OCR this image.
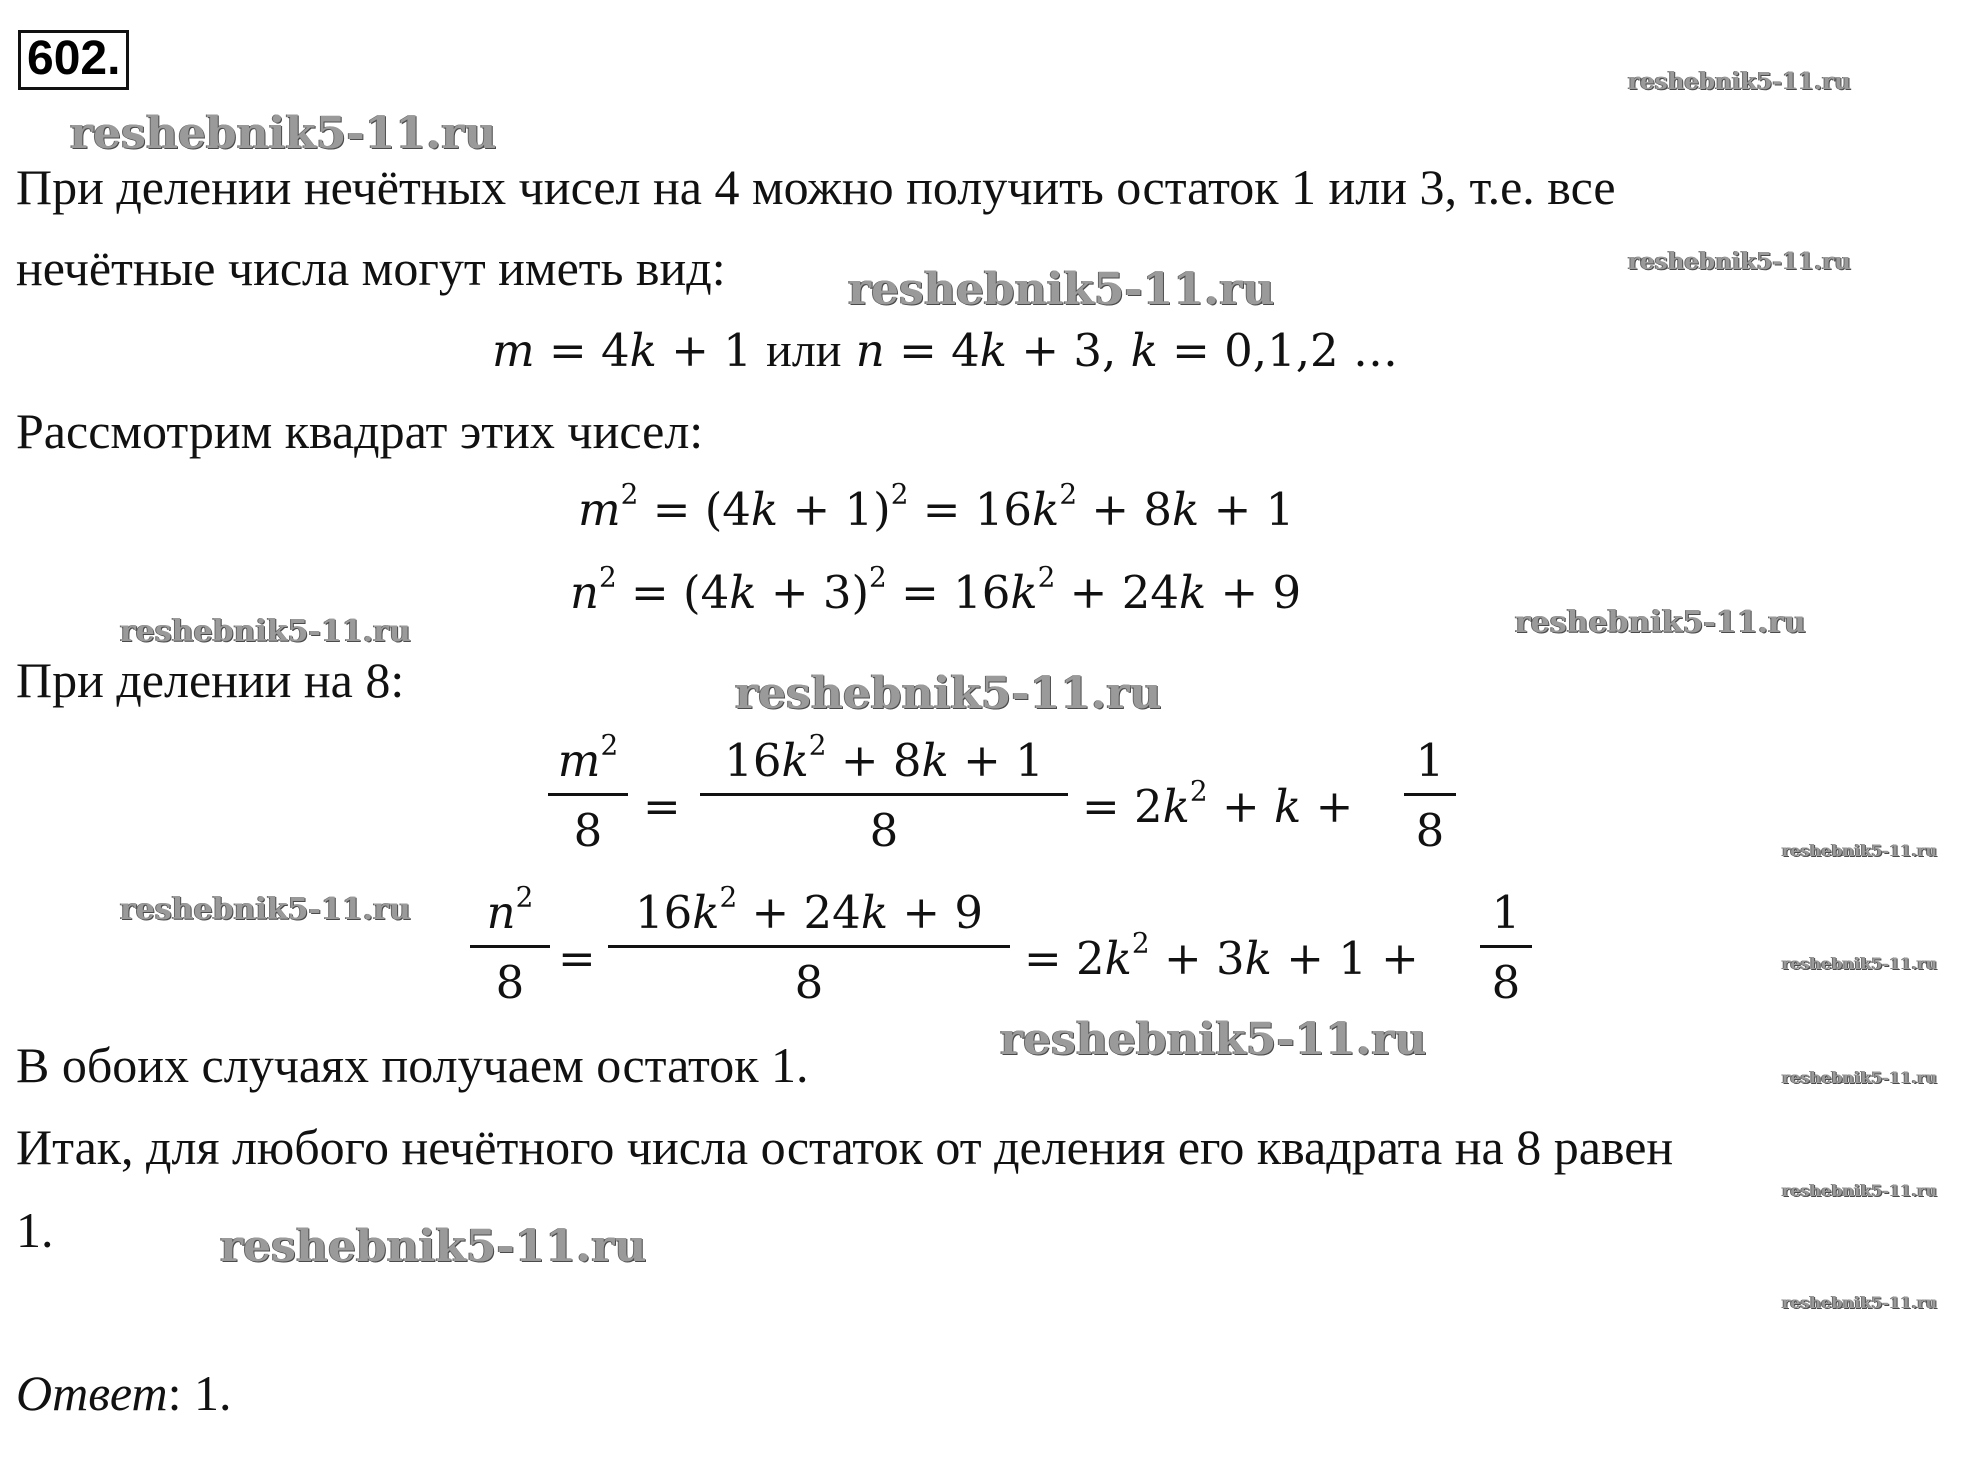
602.
reshebnik5-11.ru
reshebnik5-11.ru
reshebnik5-11.ru
reshebnik5-11.ru
reshebnik5-11.ru	reshebnik5-11.ru
reshebnik5-11.ru
reshebnik5-11.ru
reshebnik5-11.ru
reshebnik5-11.ru
reshebnik5-11.ru
reshebnik5-11.ru
reshebnik5-11.ru
reshebnik5-11.ru
reshebnik5-11.ru
При делении нечётных чисел на 4 можно получить остаток 1 или 3, т.е. все
нечётные числа могут иметь вид:
m = 4k + 1 или n = 4k + 3, k = 0,1,2 …
Рассмотрим квадрат этих чисел:
$m^2 = (4k + 1)^2 = 16k^2 + 8k + 1$
$n^2 = (4k + 3)^2 = 16k^2 + 24k + 9$
При делении на 8:
$m^2$
8 =
$16k^2 + 8k + 1$
8	= $2k^2 + k$ +
1
8
$n^2$
8 =
$16k^2 + 24k + 9$
8	= $2k^2 + 3k + 1$ +
1
8
В обоих случаях получаем остаток 1.
Итак, для любого нечётного числа остаток от деления его квадрата на 8 равен
1.
Ответ: 1.
